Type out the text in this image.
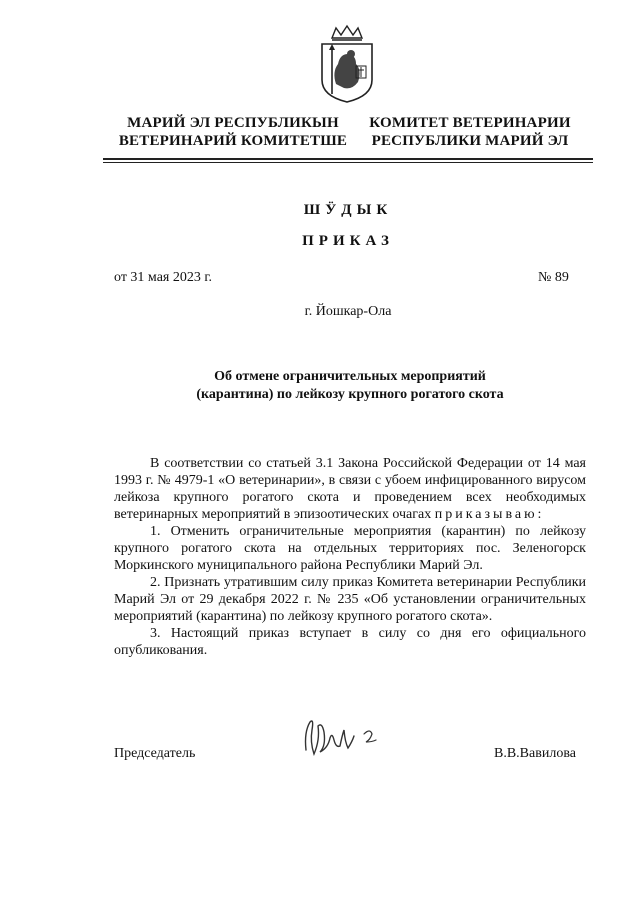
МАРИЙ ЭЛ РЕСПУБЛИКЫН
ВЕТЕРИНАРИЙ КОМИТЕТШЕ
КОМИТЕТ ВЕТЕРИНАРИИ
РЕСПУБЛИКИ МАРИЙ ЭЛ
ШӰДЫК
ПРИКАЗ
от 31 мая 2023 г.	№ 89
г. Йошкар-Ола
Об отмене ограничительных мероприятий
(карантина) по лейкозу крупного рогатого скота

В соответствии со статьей 3.1 Закона Российской Федерации от 14 мая 1993 г. № 4979-1 «О ветеринарии», в связи с убоем инфицированного вирусом лейкоза крупного рогатого скота и проведением всех необходимых ветеринарных мероприятий в эпизоотических очагах приказываю:

1. Отменить ограничительные мероприятия (карантин) по лейкозу крупного рогатого скота на отдельных территориях пос. Зеленогорск Моркинского муниципального района Республики Марий Эл.

2. Признать утратившим силу приказ Комитета ветеринарии Республики Марий Эл от 29 декабря 2022 г. № 235 «Об установлении ограничительных мероприятий (карантина) по лейкозу крупного рогатого скота».

3. Настоящий приказ вступает в силу со дня его официального опубликования.

Председатель	В.В.Вавилова
